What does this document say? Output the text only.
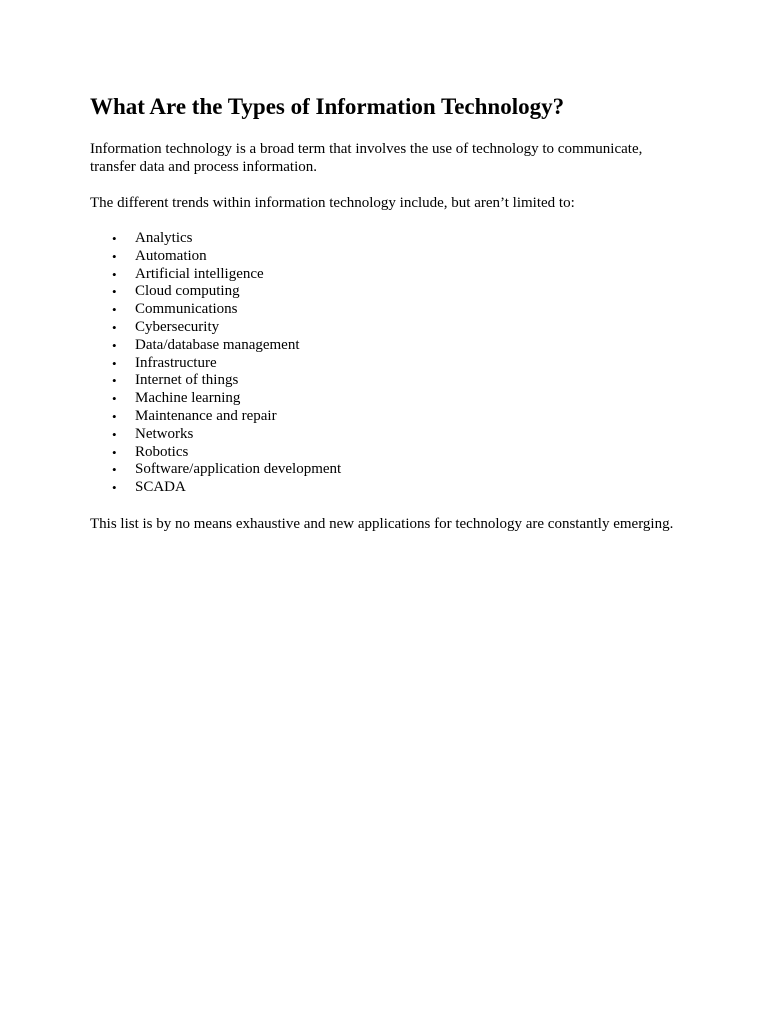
What Are the Types of Information Technology?

Information technology is a broad term that involves the use of technology to communicate, transfer data and process information.

The different trends within information technology include, but aren’t limited to:

• Analytics
• Automation
• Artificial intelligence
• Cloud computing
• Communications
• Cybersecurity
• Data/database management
• Infrastructure
• Internet of things
• Machine learning
• Maintenance and repair
• Networks
• Robotics
• Software/application development
• SCADA

This list is by no means exhaustive and new applications for technology are constantly emerging.
